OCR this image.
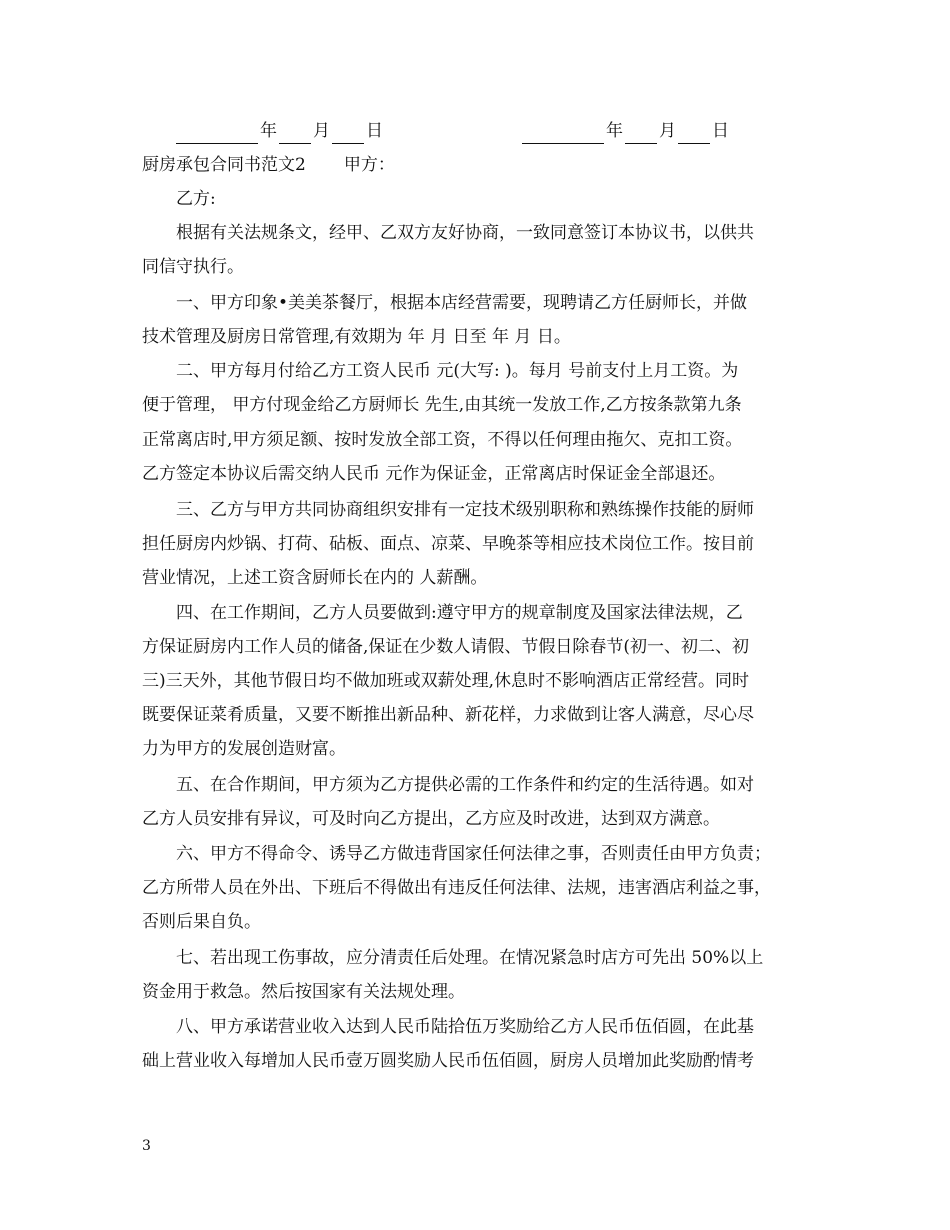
年 月 日	年 月 日
厨房承包合同书范文2 甲方：
乙方:
根据有关法规条文，经甲、乙双方友好协商，一致同意签订本协议书，以供共
同信守执行。
一、甲方印象•美美茶餐厅，根据本店经营需要，现聘请乙方任厨师长，并做
技术管理及厨房日常管理,有效期为 年 月 日至 年 月 日。
二、甲方每月付给乙方工资人民币 元(大写: )。每月 号前支付上月工资。为
便于管理， 甲方付现金给乙方厨师长 先生,由其统一发放工作,乙方按条款第九条
正常离店时,甲方须足额、按时发放全部工资，不得以任何理由拖欠、克扣工资。
乙方签定本协议后需交纳人民币 元作为保证金，正常离店时保证金全部退还。
三、乙方与甲方共同协商组织安排有一定技术级别职称和熟练操作技能的厨师
担任厨房内炒锅、打荷、砧板、面点、凉菜、早晚茶等相应技术岗位工作。按目前
营业情况，上述工资含厨师长在内的 人薪酬。
四、在工作期间，乙方人员要做到:遵守甲方的规章制度及国家法律法规，乙
方保证厨房内工作人员的储备,保证在少数人请假、节假日除春节(初一、初二、初
三)三天外，其他节假日均不做加班或双薪处理,休息时不影响酒店正常经营。同时
既要保证菜肴质量，又要不断推出新品种、新花样，力求做到让客人满意，尽心尽
力为甲方的发展创造财富。
五、在合作期间，甲方须为乙方提供必需的工作条件和约定的生活待遇。如对
乙方人员安排有异议，可及时向乙方提出，乙方应及时改进，达到双方满意。
六、甲方不得命令、诱导乙方做违背国家任何法律之事，否则责任由甲方负责；
乙方所带人员在外出、下班后不得做出有违反任何法律、法规，违害酒店利益之事，
否则后果自负。
七、若出现工伤事故，应分清责任后处理。在情况紧急时店方可先出 50%以上
资金用于救急。然后按国家有关法规处理。
八、甲方承诺营业收入达到人民币陆拾伍万奖励给乙方人民币伍佰圆，在此基
础上营业收入每增加人民币壹万圆奖励人民币伍佰圆，厨房人员增加此奖励酌情考
3
